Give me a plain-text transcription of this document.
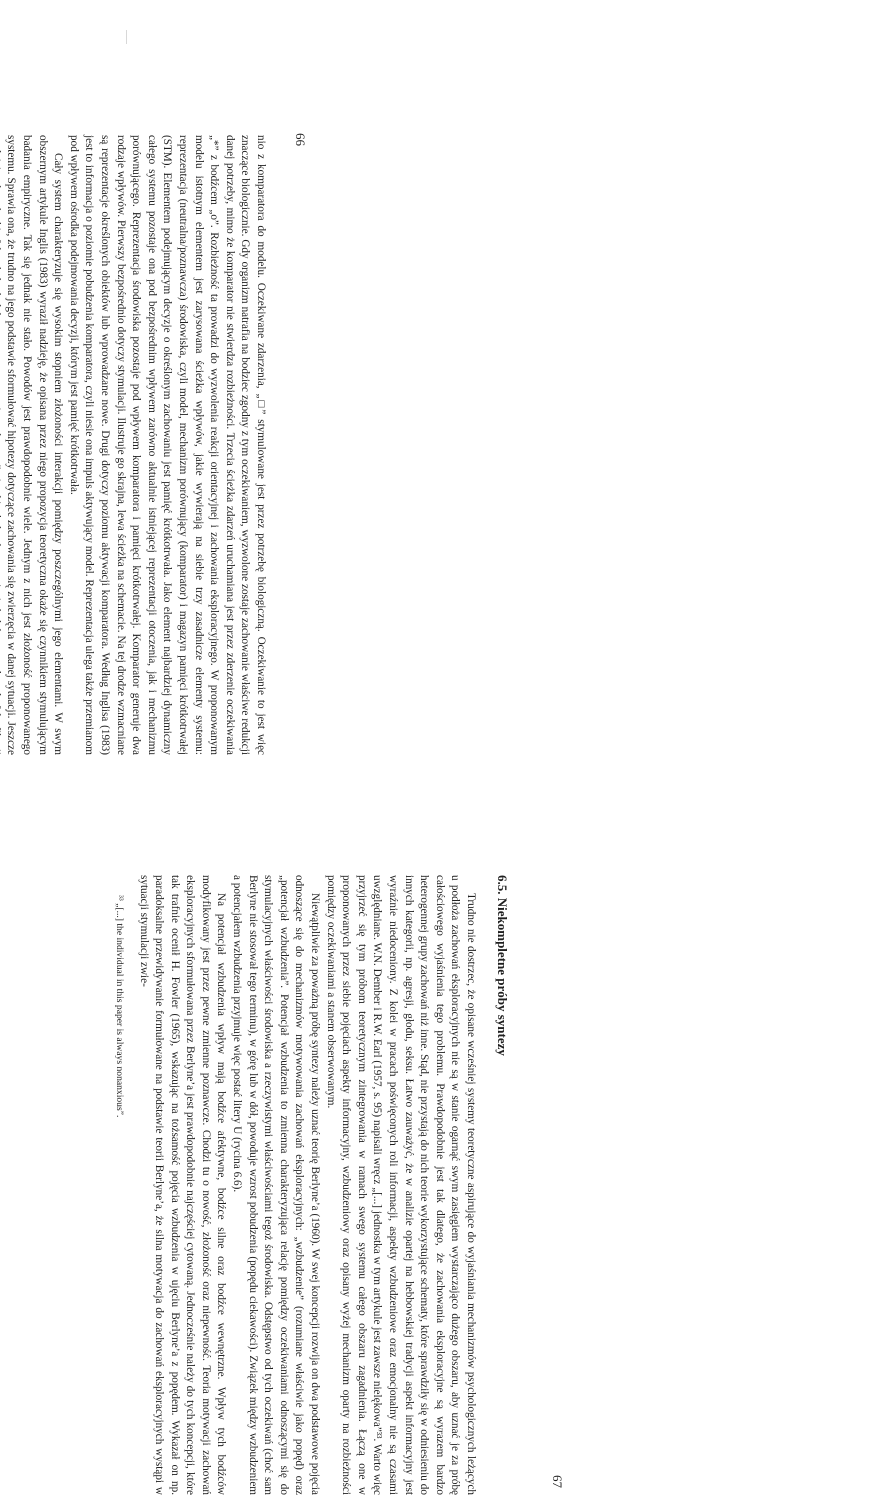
66

nio z komparatora do modelu. Oczekiwane zdarzenia, „□” stymulowane jest przez potrzebę biologiczną. Oczekiwanie to jest więc znaczące biologicznie. Gdy organizm natrafia na bodziec zgodny z tym oczekiwaniem, wyzwolone zostaje zachowanie właściwe redukcji danej potrzeby, mimo że komparator nie stwierdza rozbieżności. Trzecia ścieżka zdarzeń uruchamiana jest przez zderzenie oczekiwania „*” z bodźcem „o”. Rozbieżność ta prowadzi do wyzwolenia reakcji orientacyjnej i zachowania eksploracyjnego. W proponowanym modelu istotnym elementem jest zarysowana ścieżka wpływów, jakie wywierają na siebie trzy zasadnicze elementy systemu: reprezentacja (neutralna/poznawcza) środowiska, czyli model, mechanizm porównujący (komparator) i magazyn pamięci krótkotrwałej (STM). Elementem podejmującym decyzje o określonym zachowaniu jest pamięć krótkotrwała. Jako element najbardziej dynamiczny całego systemu pozostaje ona pod bezpośrednim wpływem zarówno aktualnie istniejącej reprezentacji otoczenia, jak i mechanizmu porównującego. Reprezentacja środowiska pozostaje pod wpływem komparatora i pamięci krótkotrwałej. Komparator generuje dwa rodzaje wpływów. Pierwszy bezpośrednio dotyczy stymulacji. Ilustruje go skrajna, lewa ścieżka na schemacie. Na tej drodze wzmacniane są reprezentacje określonych obiektów lub wprowadzane nowe. Drugi dotyczy poziomu aktywacji komparatora. Według Inglisa (1983) jest to informacja o poziomie pobudzenia komparatora, czyli niesie ona impuls aktywujący model. Reprezentacja ulega także przemianom pod wpływem ośrodka podejmowania decyzji, którym jest pamięć krótkotrwała.

Cały system charakteryzuje się wysokim stopniem złożoności interakcji pomiędzy poszczególnymi jego elementami. W swym obszernym artykule Inglis (1983) wyraził nadzieję, że opisana przez niego propozycja teoretyczna okaże się czynnikiem stymulującym badania empiryczne. Tak się jednak nie stało. Powodów jest prawdopodobnie wiele. Jednym z nich jest złożoność proponowanego systemu. Sprawia ona, że trudno na jego podstawie sformułować hipotezy dotyczące zachowania się zwierzęcia w danej sytuacji. Jeszcze

67
6.5. Niekompletne próby syntezy

Trudno nie dostrzec, że opisane wcześniej systemy teoretyczne aspirujące do wyjaśniania mechanizmów psychologicznych leżących u podłoża zachowań eksploracyjnych nie są w stanie ogarnąć swym zasięgiem wystarczająco dużego obszaru, aby uznać je za próbę całościowego wyjaśnienia tego problemu. Prawdopodobnie jest tak dlatego, że zachowania eksploracyjne są wyrazem bardzo heterogennej grupy zachowań niż inne. Stąd, nie przystają do nich teorie wykorzystujące schematy, które sprawdziły się w odniesieniu do innych kategorii, np. agresji, głodu, seksu. Łatwo zauważyć, że w analizie opartej na hebbowskiej tradycji aspekt informacyjny jest wyraźnie niedoceniony. Z kolei w pracach poświęconych roli informacji, aspekty wzbudzeniowe oraz emocjonalny nie są czasami uwzględniane. W.N. Dember i R.W. Earl (1957, s. 95) napisali wręcz „[...] jednostka w tym artykule jest zawsze nielękowa”³³. Warto więc przyjrzeć się tym próbom teoretycznym zintegrowania w ramach swego systemu całego obszaru zagadnienia. Łączą one w proponowanych przez siebie pojęciach aspekty informacyjny, wzbudzeniowy oraz opisany wyżej mechanizm oparty na rozbieżności pomiędzy oczekiwaniami a stanem obserwowanym.

Niewątpliwie za poważną próbę syntezy należy uznać teorię Berlyne’a (1960). W swej koncepcji rozwija on dwa podstawowe pojęcia odnoszące się do mechanizmów motywowania zachowań eksploracyjnych: „wzbudzenie” (rozumiane właściwie jako popęd) oraz „potencjał wzbudzenia”. Potencjał wzbudzenia to zmienna charakteryzująca relację pomiędzy oczekiwaniami odnoszącymi się do stymulacyjnych właściwości środowiska a rzeczywistymi właściwościami tegoż środowiska. Odstępstwo od tych oczekiwań (choć sam Berlyne nie stosował tego terminu), w górę lub w dół, powoduje wzrost pobudzenia (popędu ciekawości). Związek między wzbudzeniem a potencjałem wzbudzenia przyjmuje więc postać litery U (rycina 6.6).

Na potencjał wzbudzenia wpływ mają bodźce afektywne, bodźce silne oraz bodźce wewnętrzne. Wpływ tych bodźców modyfikowany jest przez pewne zmienne poznawcze. Chodzi tu o nowość, złożoność oraz niepewność. Teoria motywacji zachowań eksploracyjnych sformułowana przez Berlyne’a jest prawdopodobnie najczęściej cytowaną. Jednocześnie należy do tych koncepcji, które tak trafnie ocenił H. Fowler (1965), wskazując na tożsamość pojęcia wzbudzenia w ujęciu Berlyne’a z popędem. Wykazał on np. paradoksalne przewidywanie formułowane na podstawie teorii Berlyne’a, że silna motywacja do zachowań eksploracyjnych wystąpi w sytuacji stymulacji zwie-

³³ „[...] the individual in this paper is always nonanxious”.
